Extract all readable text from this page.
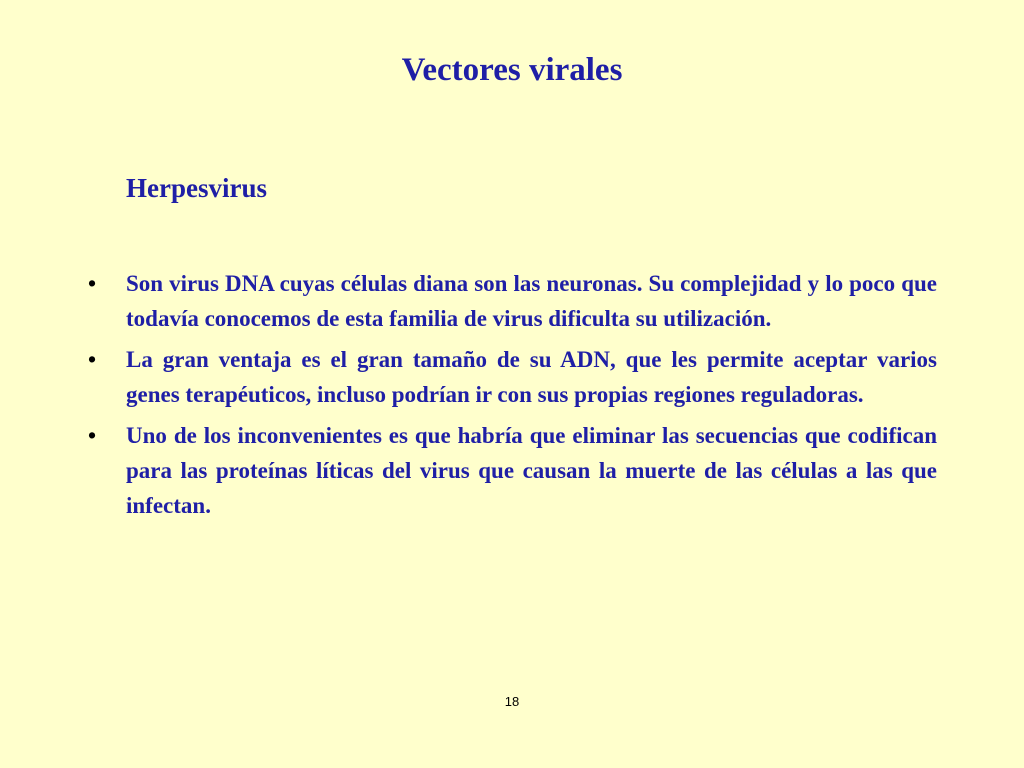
Vectores virales
Herpesvirus
• Son virus DNA cuyas células diana son las neuronas. Su complejidad y lo poco que todavía conocemos de esta familia de virus dificulta su utilización.
• La gran ventaja es el gran tamaño de su ADN, que les permite aceptar varios genes terapéuticos, incluso podrían ir con sus propias regiones reguladoras.
• Uno de los inconvenientes es que habría que eliminar las secuencias que codifican para las proteínas líticas del virus que causan la muerte de las células a las que infectan.
18
